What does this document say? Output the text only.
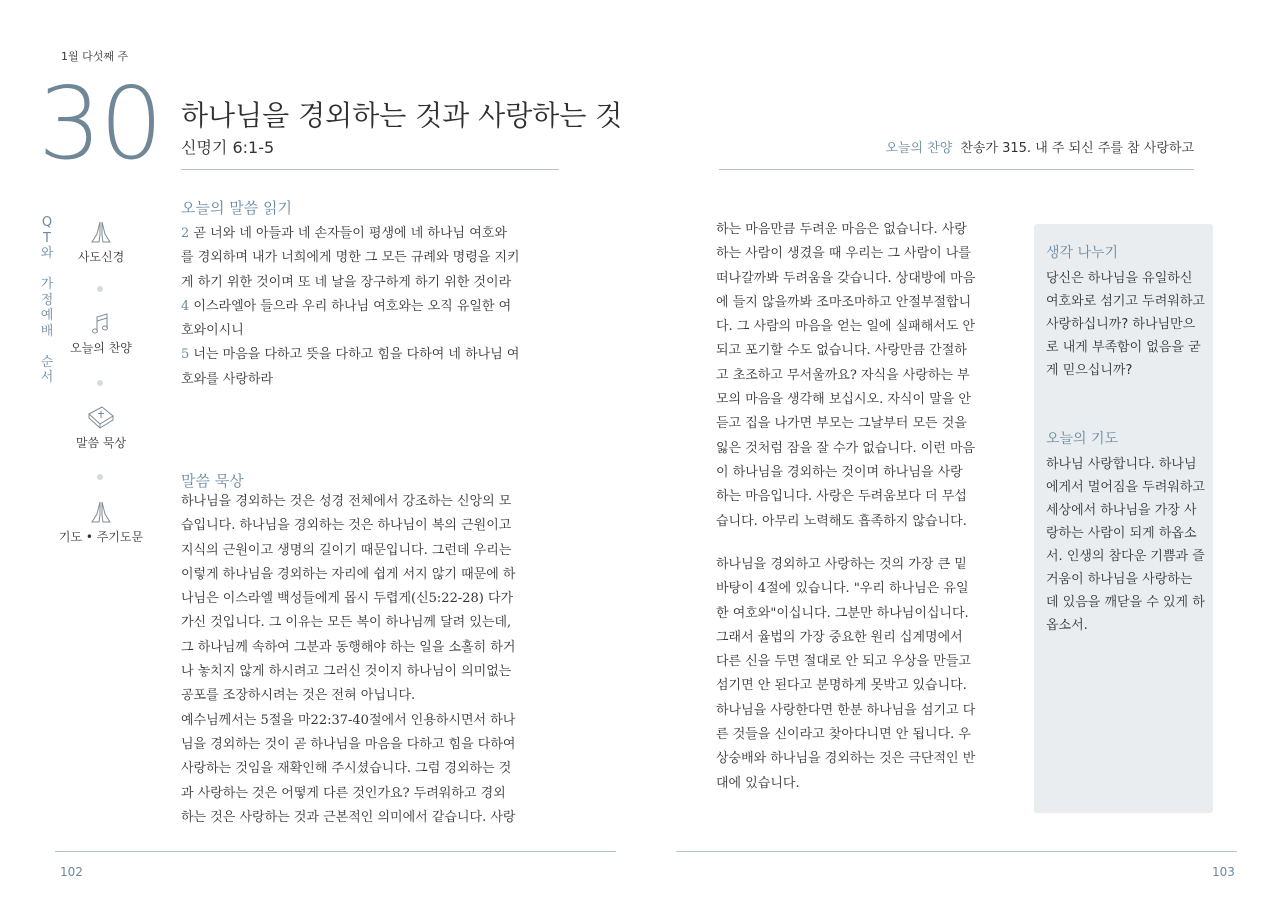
1월 다섯째 주
30 하나님을 경외하는 것과 사랑하는 것
신명기 6:1-5
Q
T
와
가
정
예
배
순
서
사도신경
오늘의 찬양
말씀 묵상
기도 • 주기도문
오늘의 말씀 읽기
2 곧 너와 네 아들과 네 손자들이 평생에 네 하나님 여호와
를 경외하며 내가 너희에게 명한 그 모든 규례와 명령을 지키
게 하기 위한 것이며 또 네 날을 장구하게 하기 위한 것이라
4 이스라엘아 들으라 우리 하나님 여호와는 오직 유일한 여
호와이시니
5 너는 마음을 다하고 뜻을 다하고 힘을 다하여 네 하나님 여
호와를 사랑하라
말씀 묵상
하나님을 경외하는 것은 성경 전체에서 강조하는 신앙의 모
습입니다. 하나님을 경외하는 것은 하나님이 복의 근원이고
지식의 근원이고 생명의 길이기 때문입니다. 그런데 우리는
이렇게 하나님을 경외하는 자리에 쉽게 서지 않기 때문에 하
나님은 이스라엘 백성들에게 몹시 두렵게(신5:22-28) 다가
가신 것입니다. 그 이유는 모든 복이 하나님께 달려 있는데,
그 하나님께 속하여 그분과 동행해야 하는 일을 소홀히 하거
나 놓치지 않게 하시려고 그러신 것이지 하나님이 의미없는
공포를 조장하시려는 것은 전혀 아닙니다.
예수님께서는 5절을 마22:37-40절에서 인용하시면서 하나
님을 경외하는 것이 곧 하나님을 마음을 다하고 힘을 다하여
사랑하는 것임을 재확인해 주시셨습니다. 그럼 경외하는 것
과 사랑하는 것은 어떻게 다른 것인가요? 두려워하고 경외
하는 것은 사랑하는 것과 근본적인 의미에서 같습니다. 사랑
102
오늘의 찬양 찬송가 315. 내 주 되신 주를 참 사랑하고
하는 마음만큼 두려운 마음은 없습니다. 사랑
하는 사람이 생겼을 때 우리는 그 사람이 나를
떠나갈까봐 두려움을 갖습니다. 상대방에 마음
에 들지 않을까봐 조마조마하고 안절부절합니
다. 그 사람의 마음을 얻는 일에 실패해서도 안
되고 포기할 수도 없습니다. 사랑만큼 간절하
고 초조하고 무서울까요? 자식을 사랑하는 부
모의 마음을 생각해 보십시오. 자식이 말을 안
듣고 집을 나가면 부모는 그날부터 모든 것을
잃은 것처럼 잠을 잘 수가 없습니다. 이런 마음
이 하나님을 경외하는 것이며 하나님을 사랑
하는 마음입니다. 사랑은 두려움보다 더 무섭
습니다. 아무리 노력해도 흡족하지 않습니다.
하나님을 경외하고 사랑하는 것의 가장 큰 밑
바탕이 4절에 있습니다. "우리 하나님은 유일
한 여호와"이십니다. 그분만 하나님이십니다.
그래서 율법의 가장 중요한 원리 십계명에서
다른 신을 두면 절대로 안 되고 우상을 만들고
섬기면 안 된다고 분명하게 못박고 있습니다.
하나님을 사랑한다면 한분 하나님을 섬기고 다
른 것들을 신이라고 찾아다니면 안 됩니다. 우
상숭배와 하나님을 경외하는 것은 극단적인 반
대에 있습니다.
생각 나누기
당신은 하나님을 유일하신
여호와로 섬기고 두려워하고
사랑하십니까? 하나님만으
로 내게 부족함이 없음을 굳
게 믿으십니까?
오늘의 기도
하나님 사랑합니다. 하나님
에게서 멀어짐을 두려워하고
세상에서 하나님을 가장 사
랑하는 사람이 되게 하옵소
서. 인생의 참다운 기쁨과 즐
거움이 하나님을 사랑하는
데 있음을 깨닫을 수 있게 하
옵소서.
103
